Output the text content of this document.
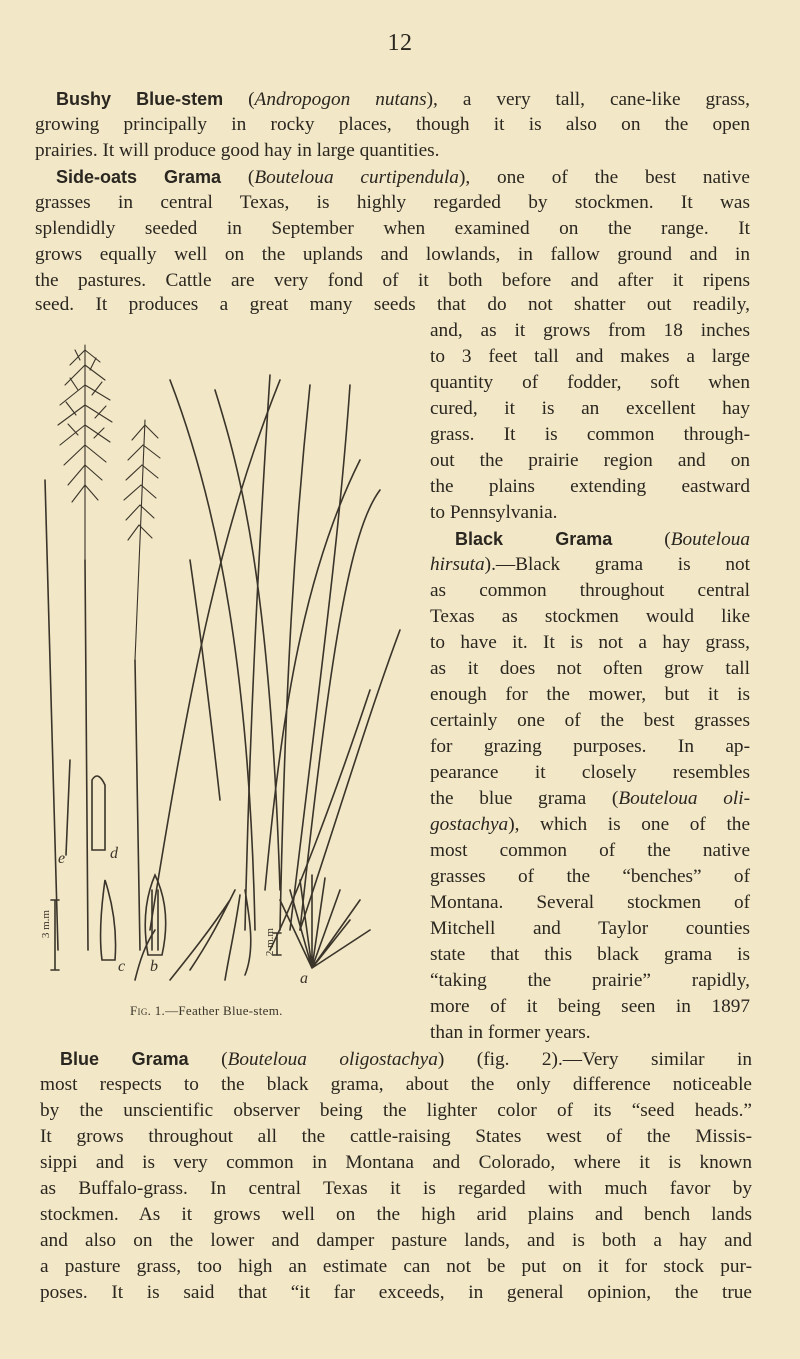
12
Bushy Blue-stem (Andropogon nutans), a very tall, cane-like grass,
growing principally in rocky places, though it is also on the open
prairies. It will produce good hay in large quantities.
Side-oats Grama (Bouteloua curtipendula), one of the best native
grasses in central Texas, is highly regarded by stockmen. It was
splendidly seeded in September when examined on the range. It
grows equally well on the uplands and lowlands, in fallow ground and in
the pastures. Cattle are very fond of it both before and after it ripens
seed. It produces a great many seeds that do not shatter out readily,
and, as it grows from 18 inches
to 3 feet tall and makes a large
quantity of fodder, soft when
cured, it is an excellent hay
grass. It is common through-
out the prairie region and on
the plains extending eastward
to Pennsylvania.
Black Grama (Bouteloua
hirsuta).—Black grama is not
as common throughout central
Texas as stockmen would like
to have it. It is not a hay grass,
as it does not often grow tall
enough for the mower, but it is
certainly one of the best grasses
for grazing purposes. In ap-
pearance it closely resembles
the blue grama (Bouteloua oli-
gostachya), which is one of the
most common of the native
grasses of the “benches” of
Montana. Several stockmen of
Mitchell and Taylor counties
state that this black grama is
“taking the prairie” rapidly,
more of it being seen in 1897
than in former years.
Blue Grama (Bouteloua oligostachya) (fig. 2).—Very similar in
most respects to the black grama, about the only difference noticeable
by the unscientific observer being the lighter color of its “seed heads.”
It grows throughout all the cattle-raising States west of the Missis-
sippi and is very common in Montana and Colorado, where it is known
as Buffalo-grass. In central Texas it is regarded with much favor by
stockmen. As it grows well on the high arid plains and bench lands
and also on the lower and damper pasture lands, and is both a hay and
a pasture grass, too high an estimate can not be put on it for stock pur-
poses. It is said that “it far exceeds, in general opinion, the true
e	d
c b
a
3 m.m
2 m.m
Fig. 1.—Feather Blue-stem.
